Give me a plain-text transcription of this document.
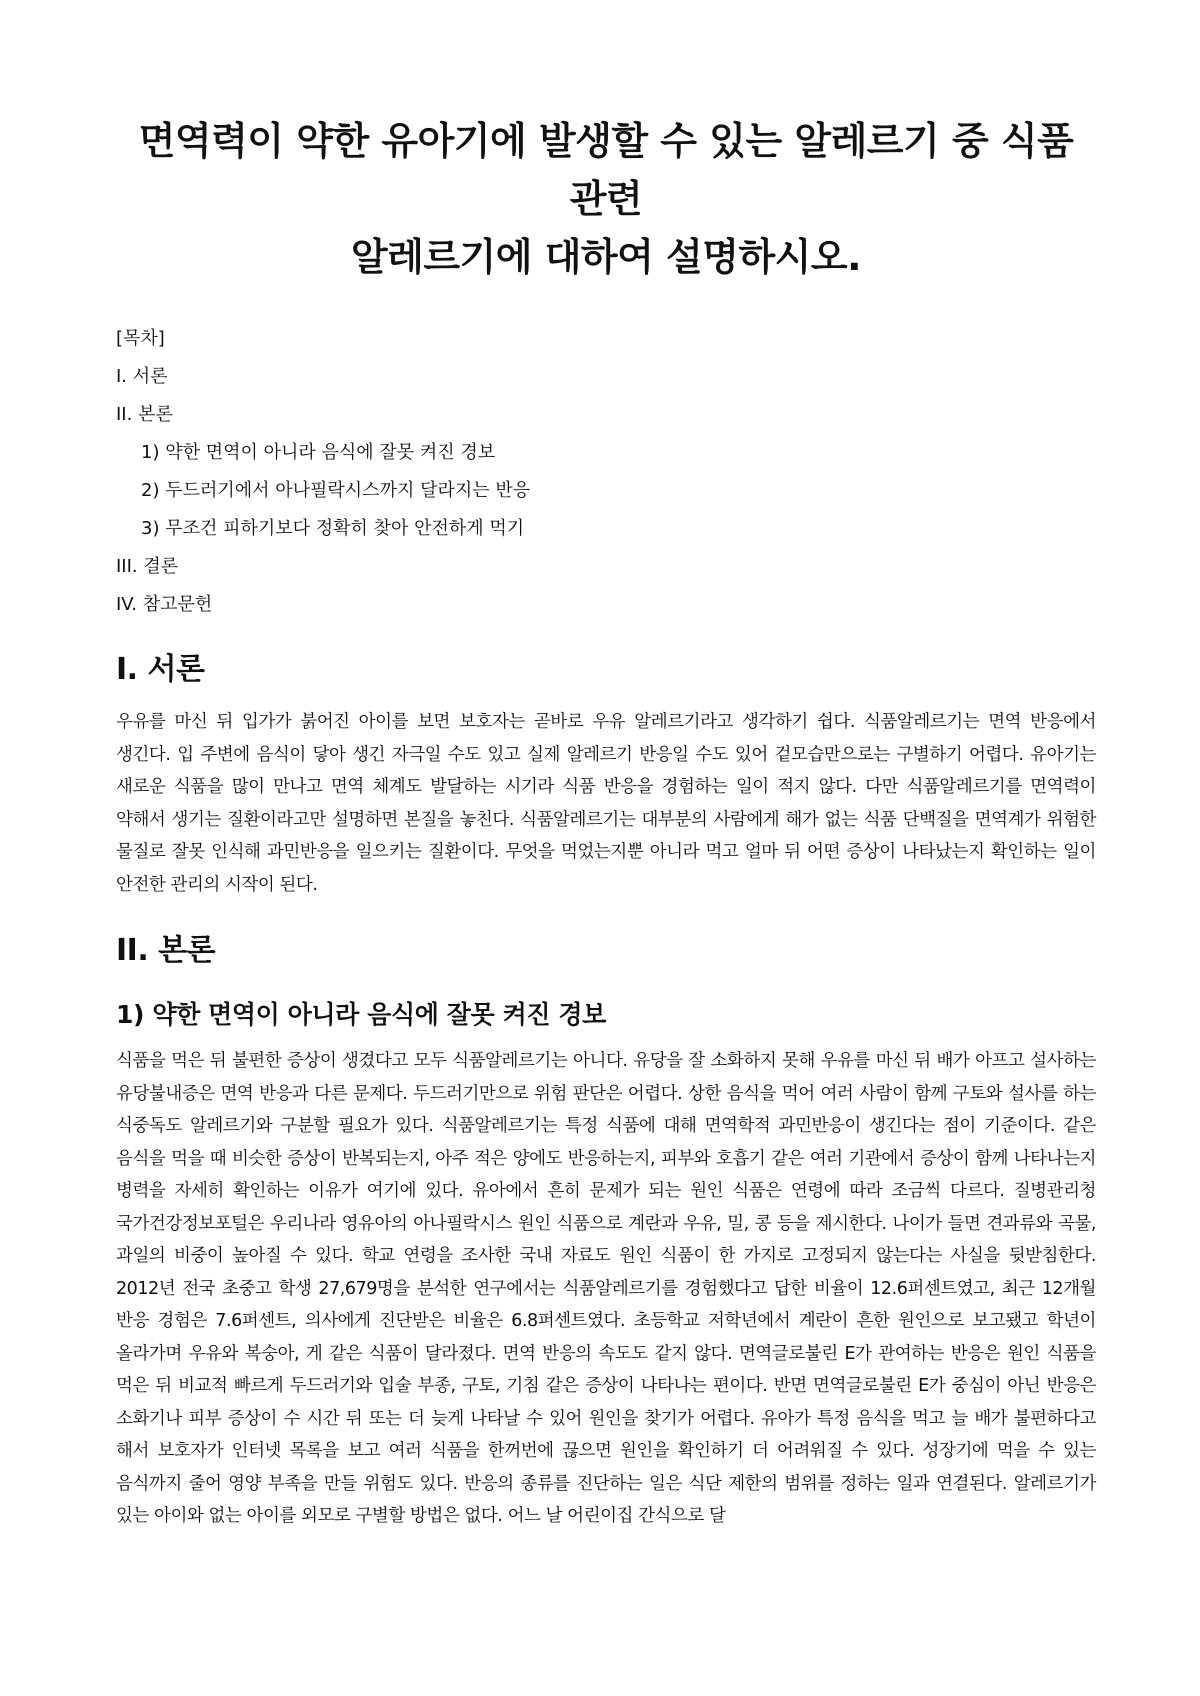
면역력이 약한 유아기에 발생할 수 있는 알레르기 중 식품 관련
알레르기에 대하여 설명하시오.

[목차]

I. 서론

II. 본론

1) 약한 면역이 아니라 음식에 잘못 켜진 경보

2) 두드러기에서 아나필락시스까지 달라지는 반응

3) 무조건 피하기보다 정확히 찾아 안전하게 먹기

III. 결론

IV. 참고문헌

I. 서론

우유를 마신 뒤 입가가 붉어진 아이를 보면 보호자는 곧바로 우유 알레르기라고 생각하기 쉽다. 식품알레르기는 면역 반응에서 생긴다. 입 주변에 음식이 닿아 생긴 자극일 수도 있고 실제 알레르기 반응일 수도 있어 겉모습만으로는 구별하기 어렵다. 유아기는 새로운 식품을 많이 만나고 면역 체계도 발달하는 시기라 식품 반응을 경험하는 일이 적지 않다. 다만 식품알레르기를 면역력이 약해서 생기는 질환이라고만 설명하면 본질을 놓친다. 식품알레르기는 대부분의 사람에게 해가 없는 식품 단백질을 면역계가 위험한 물질로 잘못 인식해 과민반응을 일으키는 질환이다. 무엇을 먹었는지뿐 아니라 먹고 얼마 뒤 어떤 증상이 나타났는지 확인하는 일이 안전한 관리의 시작이 된다.

II. 본론
1) 약한 면역이 아니라 음식에 잘못 켜진 경보

식품을 먹은 뒤 불편한 증상이 생겼다고 모두 식품알레르기는 아니다. 유당을 잘 소화하지 못해 우유를 마신 뒤 배가 아프고 설사하는 유당불내증은 면역 반응과 다른 문제다. 두드러기만으로 위험 판단은 어렵다. 상한 음식을 먹어 여러 사람이 함께 구토와 설사를 하는 식중독도 알레르기와 구분할 필요가 있다. 식품알레르기는 특정 식품에 대해 면역학적 과민반응이 생긴다는 점이 기준이다. 같은 음식을 먹을 때 비슷한 증상이 반복되는지, 아주 적은 양에도 반응하는지, 피부와 호흡기 같은 여러 기관에서 증상이 함께 나타나는지 병력을 자세히 확인하는 이유가 여기에 있다. 유아에서 흔히 문제가 되는 원인 식품은 연령에 따라 조금씩 다르다. 질병관리청 국가건강정보포털은 우리나라 영유아의 아나필락시스 원인 식품으로 계란과 우유, 밀, 콩 등을 제시한다. 나이가 들면 견과류와 곡물, 과일의 비중이 높아질 수 있다. 학교 연령을 조사한 국내 자료도 원인 식품이 한 가지로 고정되지 않는다는 사실을 뒷받침한다. 2012년 전국 초중고 학생 27,679명을 분석한 연구에서는 식품알레르기를 경험했다고 답한 비율이 12.6퍼센트였고, 최근 12개월 반응 경험은 7.6퍼센트, 의사에게 진단받은 비율은 6.8퍼센트였다. 초등학교 저학년에서 계란이 흔한 원인으로 보고됐고 학년이 올라가며 우유와 복숭아, 게 같은 식품이 달라졌다. 면역 반응의 속도도 같지 않다. 면역글로불린 E가 관여하는 반응은 원인 식품을 먹은 뒤 비교적 빠르게 두드러기와 입술 부종, 구토, 기침 같은 증상이 나타나는 편이다. 반면 면역글로불린 E가 중심이 아닌 반응은 소화기나 피부 증상이 수 시간 뒤 또는 더 늦게 나타날 수 있어 원인을 찾기가 어렵다. 유아가 특정 음식을 먹고 늘 배가 불편하다고 해서 보호자가 인터넷 목록을 보고 여러 식품을 한꺼번에 끊으면 원인을 확인하기 더 어려워질 수 있다. 성장기에 먹을 수 있는 음식까지 줄어 영양 부족을 만들 위험도 있다. 반응의 종류를 진단하는 일은 식단 제한의 범위를 정하는 일과 연결된다. 알레르기가 있는 아이와 없는 아이를 외모로 구별할 방법은 없다. 어느 날 어린이집 간식으로 달
